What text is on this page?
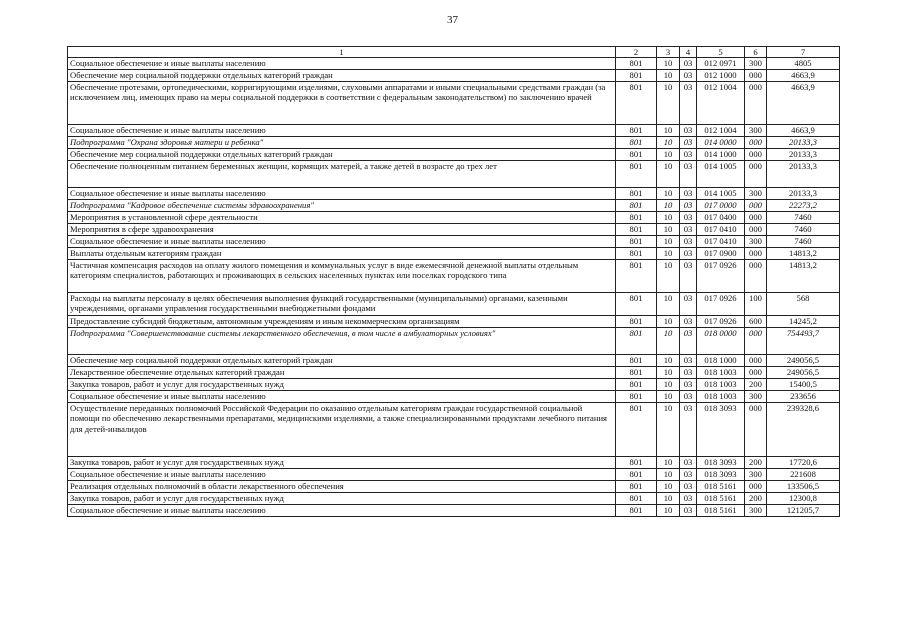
37
1	2	3	4	5	6	7
Социальное обеспечение и иные выплаты населению	801	10	03	012 0971	300	4805
Обеспечение мер социальной поддержки отдельных категорий граждан	801	10	03	012 1000	000	4663,9
Обеспечение протезами, ортопедическими, корригирующими изделиями, слуховыми аппаратами и иными специальными средствами граждан (за исключением лиц, имеющих право на меры социальной поддержки в соответствии с федеральным законодательством) по заключению врачей	801	10	03	012 1004	000	4663,9
Социальное обеспечение и иные выплаты населению	801	10	03	012 1004	300	4663,9
Подпрограмма "Охрана здоровья матери и ребенка"	801	10	03	014 0000	000	20133,3
Обеспечение мер социальной поддержки отдельных категорий граждан	801	10	03	014 1000	000	20133,3
Обеспечение полноценным питанием беременных женщин, кормящих матерей, а также детей в возрасте до трех лет	801	10	03	014 1005	000	20133,3
Социальное обеспечение и иные выплаты населению	801	10	03	014 1005	300	20133,3
Подпрограмма "Кадровое обеспечение системы здравоохранения"	801	10	03	017 0000	000	22273,2
Мероприятия в установленной сфере деятельности	801	10	03	017 0400	000	7460
Мероприятия в сфере здравоохранения	801	10	03	017 0410	000	7460
Социальное обеспечение и иные выплаты населению	801	10	03	017 0410	300	7460
Выплаты отдельным категориям граждан	801	10	03	017 0900	000	14813,2
Частичная компенсация расходов на оплату жилого помещения и коммунальных услуг в виде ежемесячной денежной выплаты отдельным категориям специалистов, работающих и проживающих в сельских населенных пунктах или поселках городского типа	801	10	03	017 0926	000	14813,2
Расходы на выплаты персоналу в целях обеспечения выполнения функций государственными (муниципальными) органами, казенными учреждениями, органами управления государственными внебюджетными фондами	801	10	03	017 0926	100	568
Предоставление субсидий бюджетным, автономным учреждениям и иным некоммерческим организациям	801	10	03	017 0926	600	14245,2
Подпрограмма "Совершенствование системы лекарственного обеспечения, в том числе в амбулаторных условиях"	801	10	03	018 0000	000	754493,7
Обеспечение мер социальной поддержки отдельных категорий граждан	801	10	03	018 1000	000	249056,5
Лекарственное обеспечение отдельных категорий граждан	801	10	03	018 1003	000	249056,5
Закупка товаров, работ и услуг для государственных нужд	801	10	03	018 1003	200	15400,5
Социальное обеспечение и иные выплаты населению	801	10	03	018 1003	300	233656
Осуществление переданных полномочий Российской Федерации по оказанию отдельным категориям граждан государственной социальной помощи по обеспечению лекарственными препаратами, медицинскими изделиями, а также специализированными продуктами лечебного питания для детей-инвалидов	801	10	03	018 3093	000	239328,6
Закупка товаров, работ и услуг для государственных нужд	801	10	03	018 3093	200	17720,6
Социальное обеспечение и иные выплаты населению	801	10	03	018 3093	300	221608
Реализация отдельных полномочий в области лекарственного обеспечения	801	10	03	018 5161	000	133506,5
Закупка товаров, работ и услуг для государственных нужд	801	10	03	018 5161	200	12300,8
Социальное обеспечение и иные выплаты населению	801	10	03	018 5161	300	121205,7
